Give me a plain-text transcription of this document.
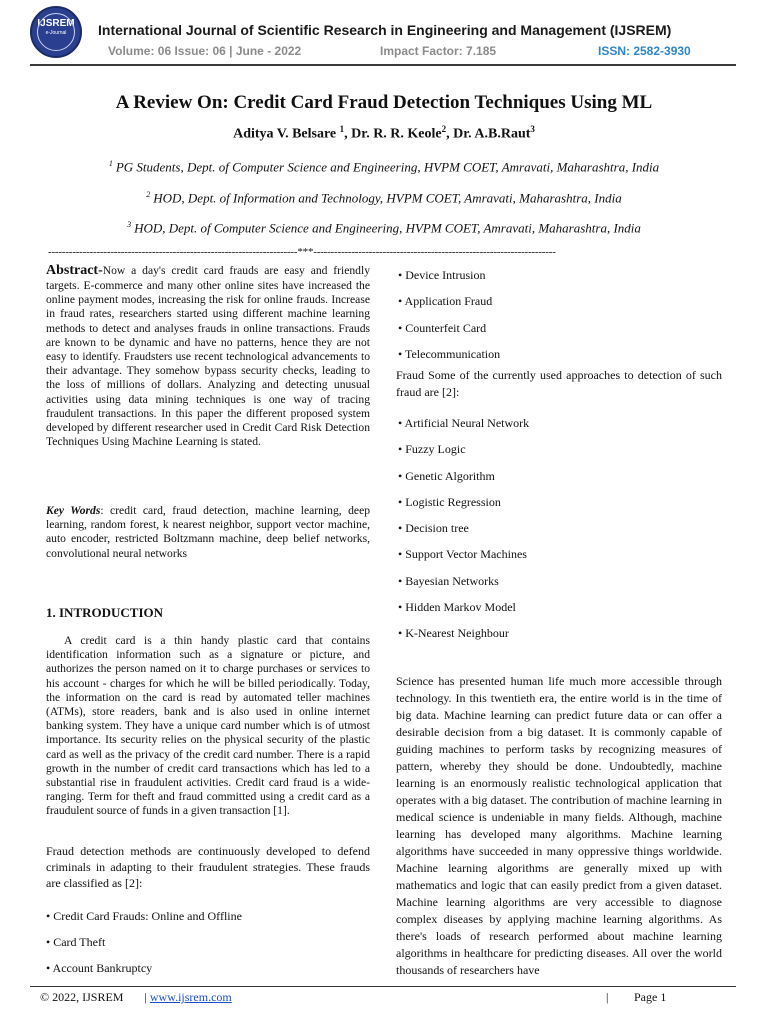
IJSREM
e-Journal	International Journal of Scientific Research in Engineering and Management (IJSREM)
Volume: 06 Issue: 06 | June - 2022	Impact Factor: 7.185	ISSN: 2582-3930
A Review On: Credit Card Fraud Detection Techniques Using ML
Aditya V. Belsare $^1$, Dr. R. R. Keole$^2$, Dr. A.B.Raut$^3$
$^1$ PG Students, Dept. of Computer Science and Engineering, HVPM COET, Amravati, Maharashtra, India
$^2$ HOD, Dept. of Information and Technology, HVPM COET, Amravati, Maharashtra, India
$^3$ HOD, Dept. of Computer Science and Engineering, HVPM COET, Amravati, Maharashtra, India
------------------------------------------------------------------------***----------------------------------------------------------------------

Abstract-Now a day's credit card frauds are easy and friendly targets. E-commerce and many other online sites have increased the online payment modes, increasing the risk for online frauds. Increase in fraud rates, researchers started using different machine learning methods to detect and analyses frauds in online transactions. Frauds are known to be dynamic and have no patterns, hence they are not easy to identify. Fraudsters use recent technological advancements to their advantage. They somehow bypass security checks, leading to the loss of millions of dollars. Analyzing and detecting unusual activities using data mining techniques is one way of tracing fraudulent transactions. In this paper the different proposed system developed by different researcher used in Credit Card Risk Detection Techniques Using Machine Learning is stated.

Key Words: credit card, fraud detection, machine learning, deep learning, random forest, k nearest neighbor, support vector machine, auto encoder, restricted Boltzmann machine, deep belief networks, convolutional neural networks

1. INTRODUCTION

A credit card is a thin handy plastic card that contains identification information such as a signature or picture, and authorizes the person named on it to charge purchases or services to his account - charges for which he will be billed periodically. Today, the information on the card is read by automated teller machines (ATMs), store readers, bank and is also used in online internet banking system. They have a unique card number which is of utmost importance. Its security relies on the physical security of the plastic card as well as the privacy of the credit card number. There is a rapid growth in the number of credit card transactions which has led to a substantial rise in fraudulent activities. Credit card fraud is a wide-ranging. Term for theft and fraud committed using a credit card as a fraudulent source of funds in a given transaction [1].

Fraud detection methods are continuously developed to defend criminals in adapting to their fraudulent strategies. These frauds are classified as [2]:

• Credit Card Frauds: Online and Offline
• Card Theft
• Account Bankruptcy
• Device Intrusion
• Application Fraud
• Counterfeit Card
• Telecommunication

Fraud Some of the currently used approaches to detection of such fraud are [2]:

• Artificial Neural Network
• Fuzzy Logic
• Genetic Algorithm
• Logistic Regression
• Decision tree
• Support Vector Machines
• Bayesian Networks
• Hidden Markov Model
• K-Nearest Neighbour

Science has presented human life much more accessible through technology. In this twentieth era, the entire world is in the time of big data. Machine learning can predict future data or can offer a desirable decision from a big dataset. It is commonly capable of guiding machines to perform tasks by recognizing measures of pattern, whereby they should be done. Undoubtedly, machine learning is an enormously realistic technological application that operates with a big dataset. The contribution of machine learning in medical science is undeniable in many fields. Although, machine learning has developed many algorithms. Machine learning algorithms have succeeded in many oppressive things worldwide. Machine learning algorithms are generally mixed up with mathematics and logic that can easily predict from a given dataset. Machine learning algorithms are very accessible to diagnose complex diseases by applying machine learning algorithms. As there's loads of research performed about machine learning algorithms in healthcare for predicting diseases. All over the world thousands of researchers have

© 2022, IJSREM | www.ijsrem.com	| Page 1
